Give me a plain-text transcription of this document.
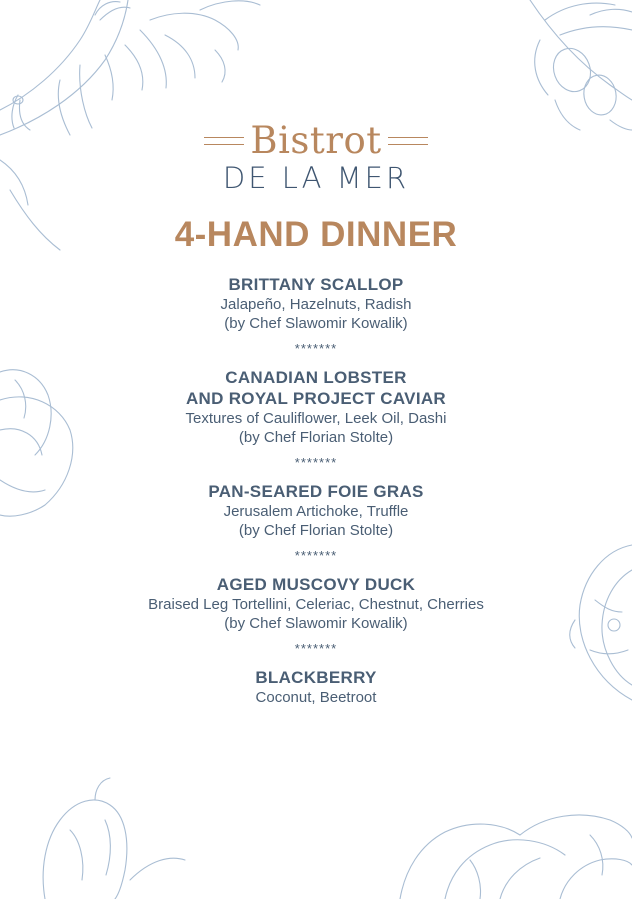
Bistrot
DE LA MER
4-HAND DINNER
BRITTANY SCALLOP
Jalapeño, Hazelnuts, Radish
(by Chef Slawomir Kowalik)
*******
CANADIAN LOBSTER
AND ROYAL PROJECT CAVIAR
Textures of Cauliflower, Leek Oil, Dashi
(by Chef Florian Stolte)
*******
PAN-SEARED FOIE GRAS
Jerusalem Artichoke, Truffle
(by Chef Florian Stolte)
*******
AGED MUSCOVY DUCK
Braised Leg Tortellini, Celeriac, Chestnut, Cherries
(by Chef Slawomir Kowalik)
*******
BLACKBERRY
Coconut, Beetroot
